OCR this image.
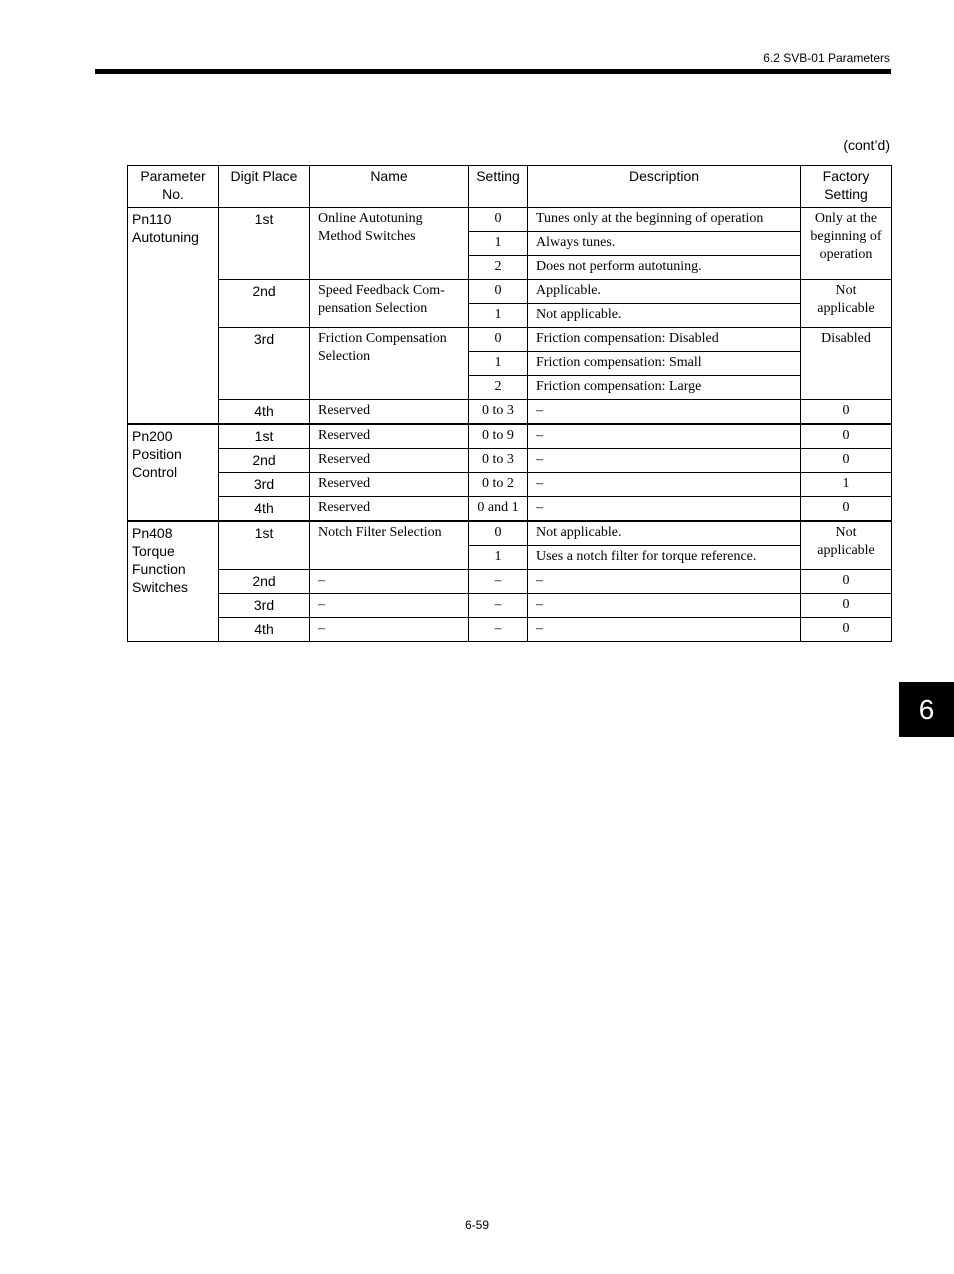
6.2 SVB-01 Parameters
(cont’d)
Parameter No.	Digit Place	Name	Setting	Description	Factory Setting
Pn110 Autotuning	1st	Online Autotuning Method Switches	0	Tunes only at the beginning of operation	Only at the beginning of operation
			1	Always tunes.	
			2	Does not perform autotuning.	
	2nd	Speed Feedback Com-pensation Selection	0	Applicable.	Not applicable
			1	Not applicable.	
	3rd	Friction Compensation Selection	0	Friction compensation: Disabled	Disabled
			1	Friction compensation: Small	
			2	Friction compensation: Large	
	4th	Reserved	0 to 3	–	0
Pn200 Position Control	1st	Reserved	0 to 9	–	0
	2nd	Reserved	0 to 3	–	0
	3rd	Reserved	0 to 2	–	1
	4th	Reserved	0 and 1	–	0
Pn408 Torque Function Switches	1st	Notch Filter Selection	0	Not applicable.	Not applicable
			1	Uses a notch filter for torque reference.	
	2nd	–	–	–	0
	3rd	–	–	–	0
	4th	–	–	–	0
6
6-59
